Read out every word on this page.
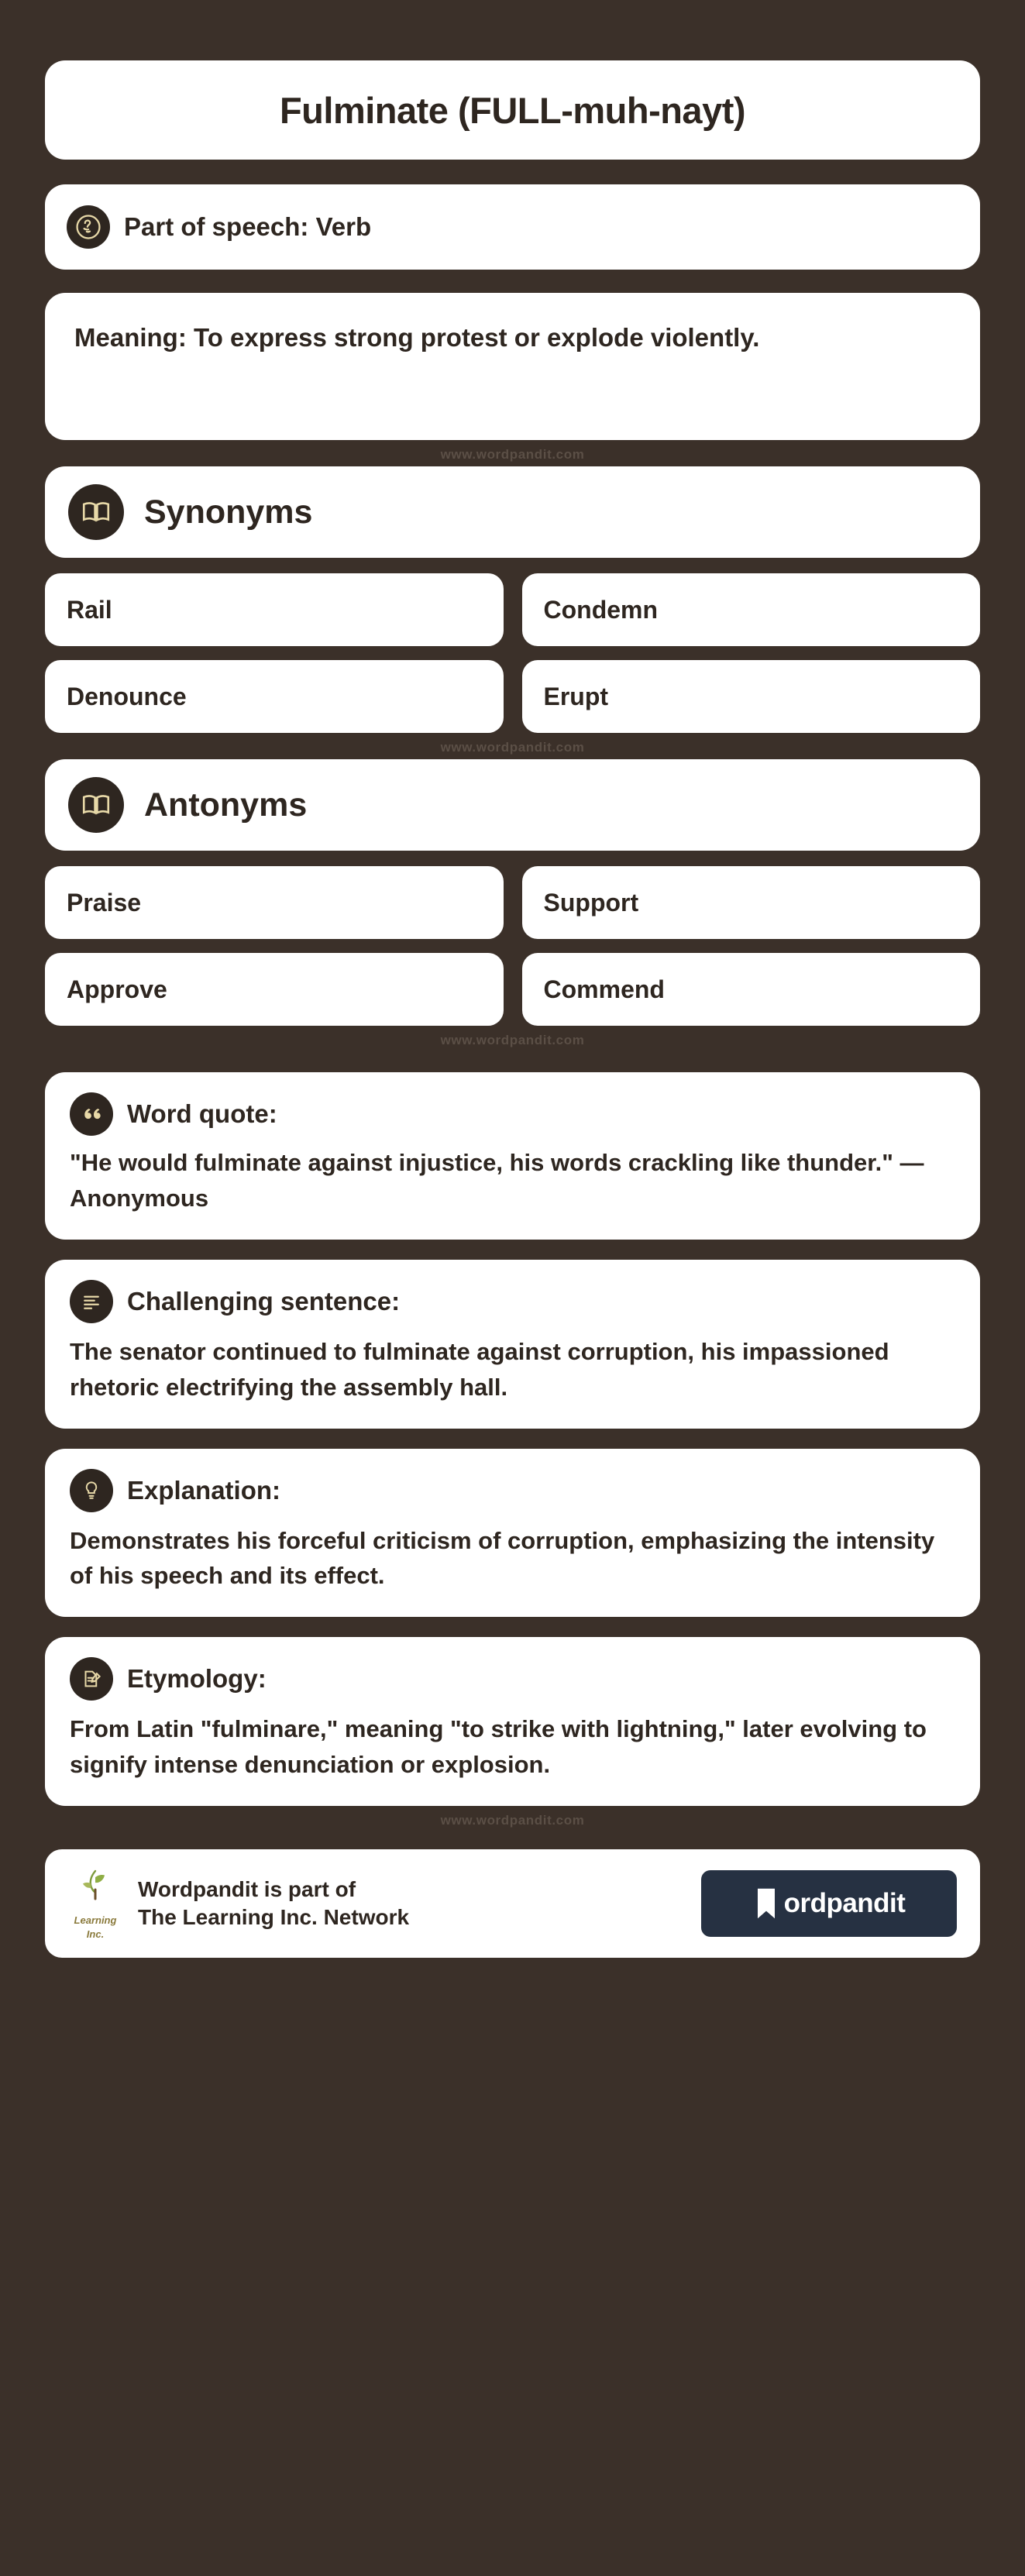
Fulminate (FULL-muh-nayt)
Part of speech: Verb
Meaning: To express strong protest or explode violently.
www.wordpandit.com
Synonyms
Rail	Condemn
Denounce	Erupt
www.wordpandit.com
Antonyms
Praise	Support
Approve	Commend
www.wordpandit.com
Word quote:
"He would fulminate against injustice, his words crackling like thunder." — Anonymous
Challenging sentence:
The senator continued to fulminate against corruption, his impassioned rhetoric electrifying the assembly hall.
Explanation:
Demonstrates his forceful criticism of corruption, emphasizing the intensity of his speech and its effect.
Etymology:
From Latin "fulminare," meaning "to strike with lightning," later evolving to signify intense denunciation or explosion.
www.wordpandit.com
Learning Inc.
Wordpandit is part of
The Learning Inc. Network	ordpandit
